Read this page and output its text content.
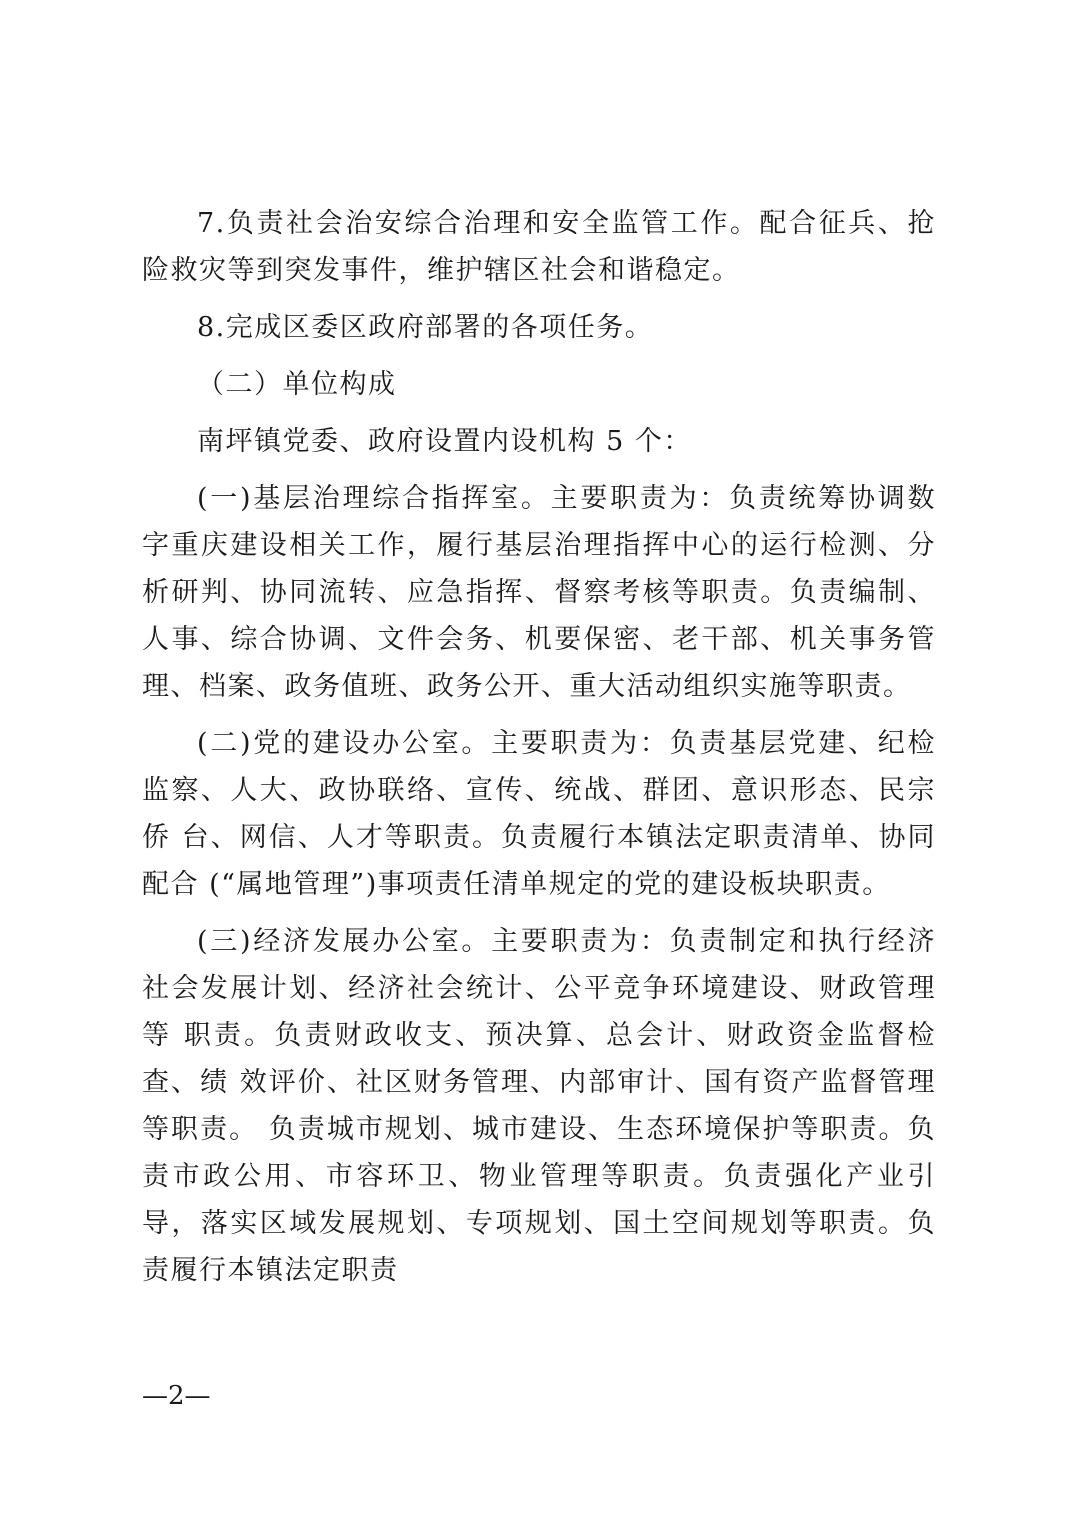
7.负责社会治安综合治理和安全监管工作。配合征兵、抢险救灾等到突发事件，维护辖区社会和谐稳定。

8.完成区委区政府部署的各项任务。

（二）单位构成

南坪镇党委、政府设置内设机构 5 个：

(一)基层治理综合指挥室。主要职责为：负责统筹协调数　字重庆建设相关工作，履行基层治理指挥中心的运行检测、分析研判、协同流转、应急指挥、督察考核等职责。负责编制、人事、综合协调、文件会务、机要保密、老干部、机关事务管理、档案、政务值班、政务公开、重大活动组织实施等职责。

(二)党的建设办公室。主要职责为：负责基层党建、纪检 监察、人大、政协联络、宣传、统战、群团、意识形态、民宗侨 台、网信、人才等职责。负责履行本镇法定职责清单、协同配合 (“属地管理”)事项责任清单规定的党的建设板块职责。

(三)经济发展办公室。主要职责为：负责制定和执行经济 社会发展计划、经济社会统计、公平竞争环境建设、财政管理等 职责。负责财政收支、预决算、总会计、财政资金监督检查、绩 效评价、社区财务管理、内部审计、国有资产监督管理等职责。 负责城市规划、城市建设、生态环境保护等职责。负责市政公用、市容环卫、物业管理等职责。负责强化产业引导，落实区域发展规划、专项规划、国土空间规划等职责。负责履行本镇法定职责

—2—
